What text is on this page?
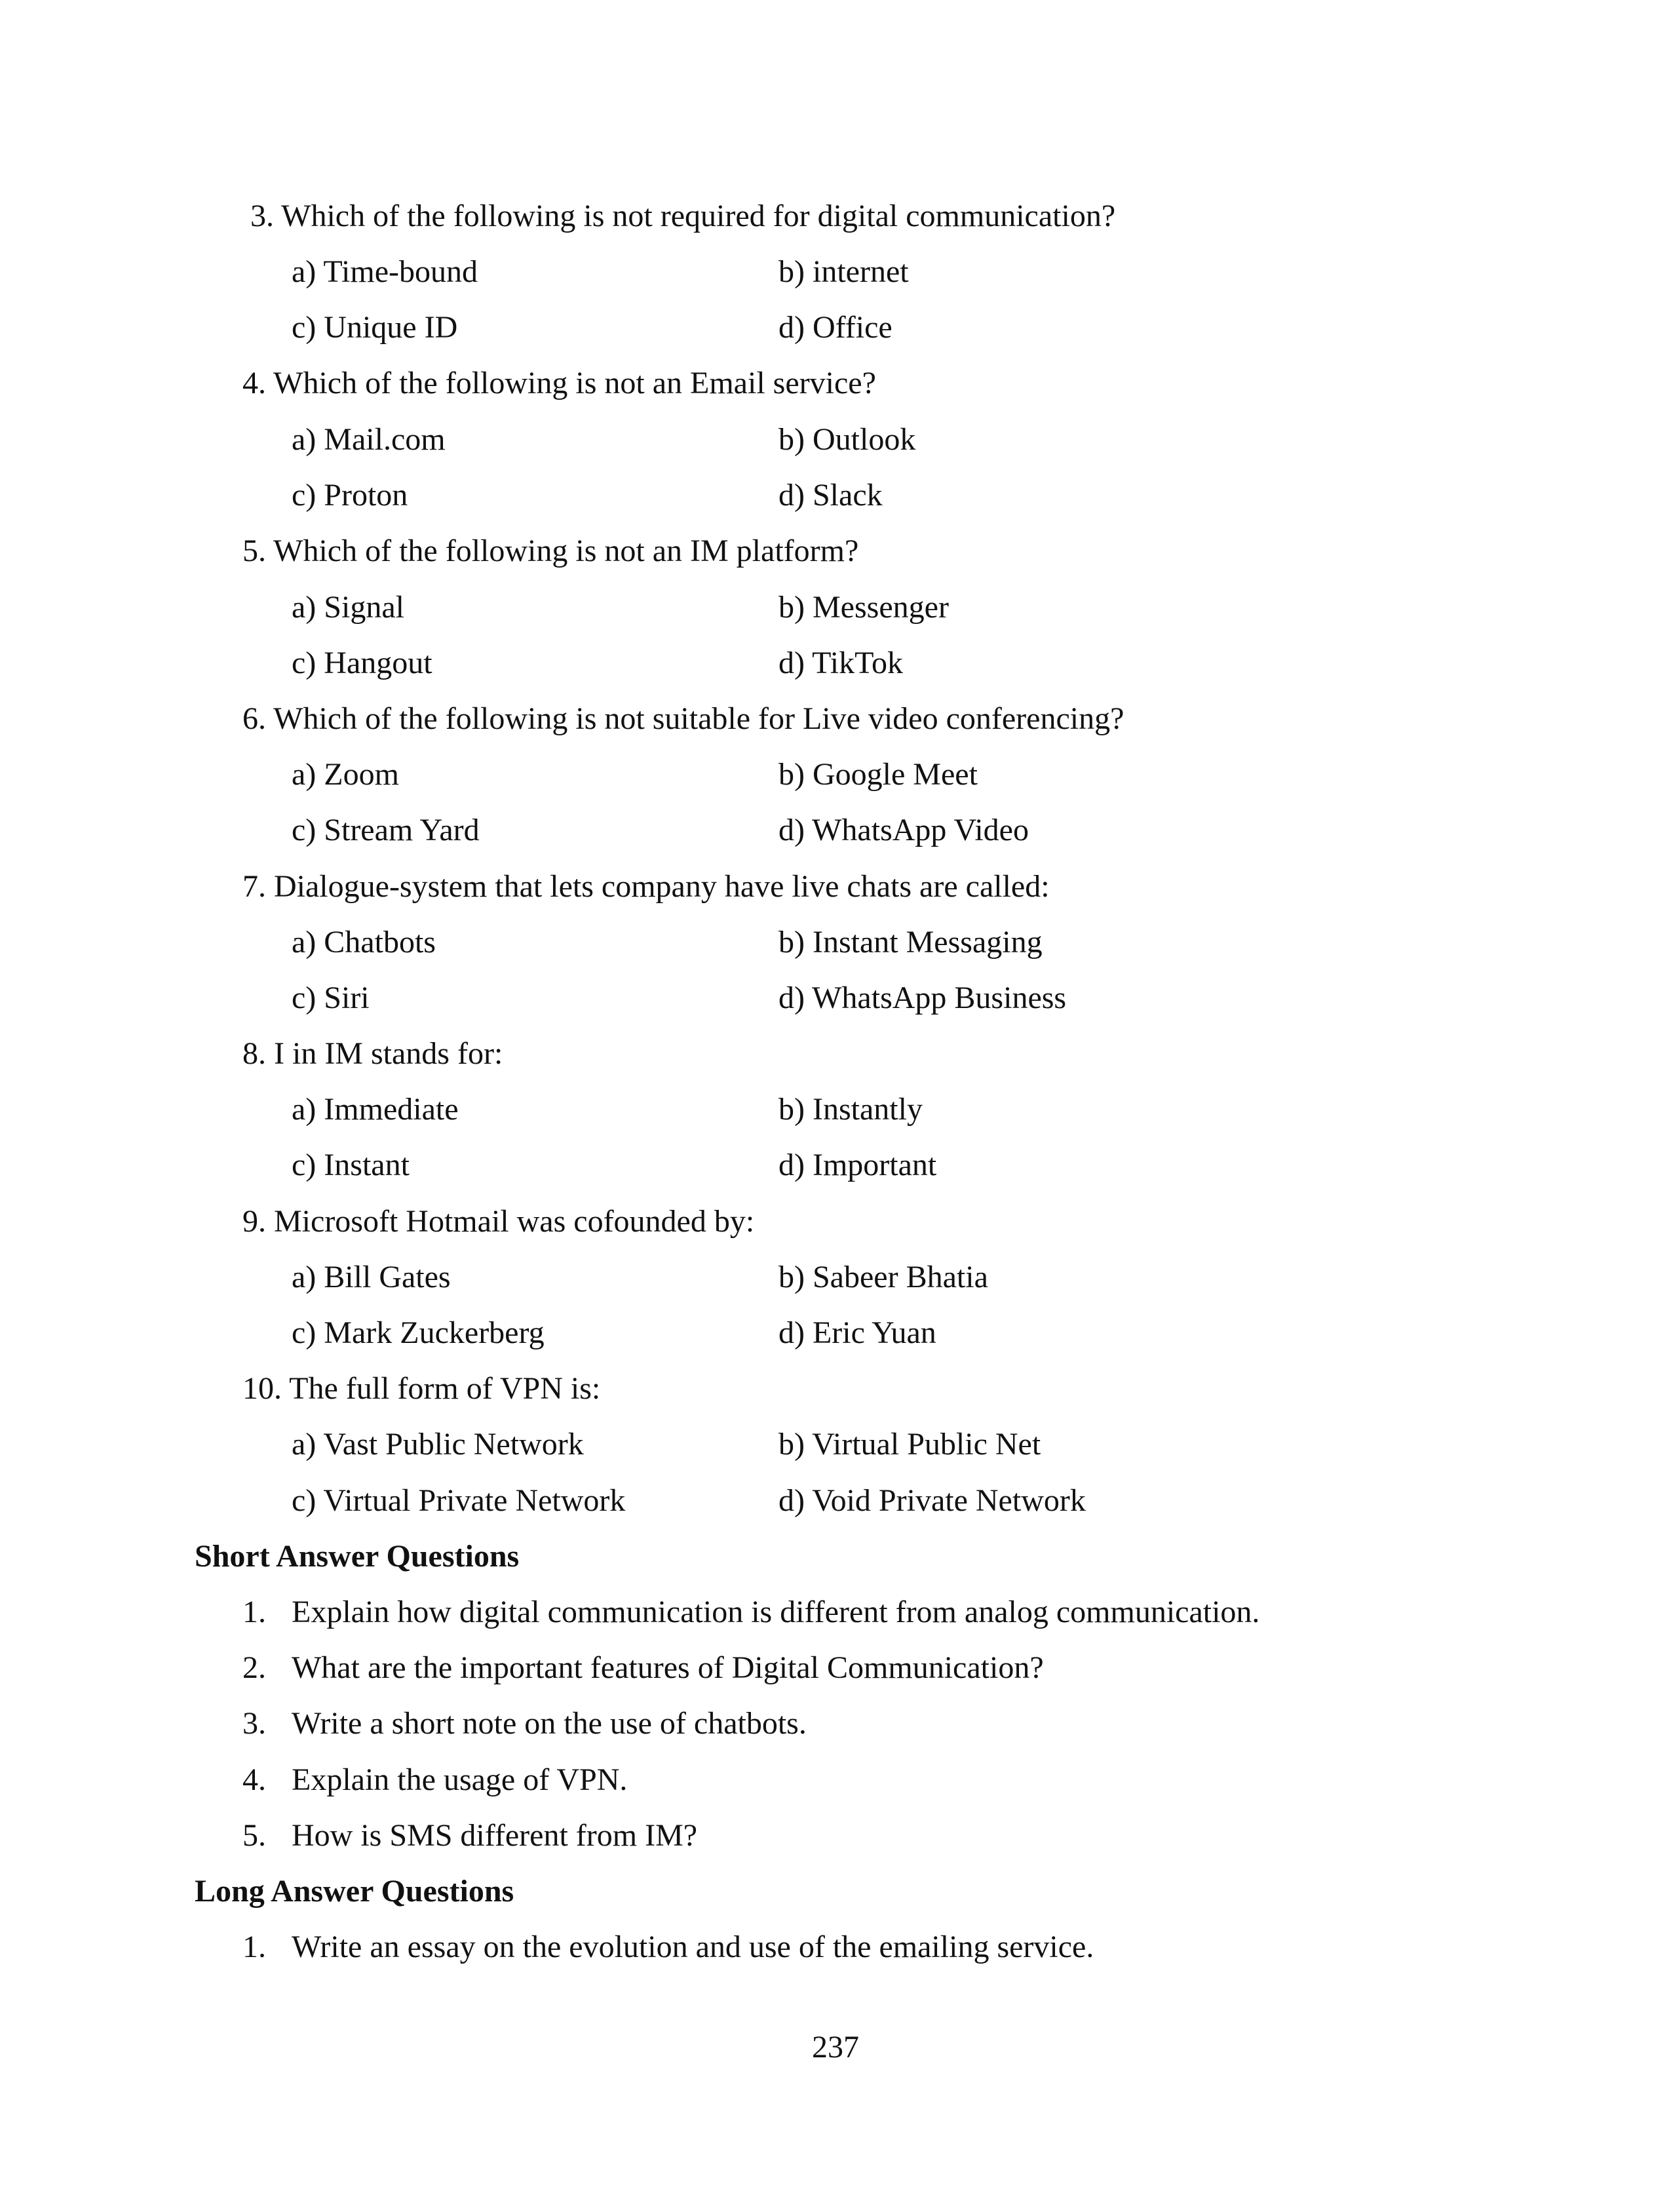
3. Which of the following is not required for digital communication?
a) Time-bound	b) internet
c) Unique ID	d) Office
4. Which of the following is not an Email service?
a) Mail.com	b) Outlook
c) Proton	d) Slack
5. Which of the following is not an IM platform?
a) Signal	b) Messenger
c) Hangout	d) TikTok
6. Which of the following is not suitable for Live video conferencing?
a) Zoom	b) Google Meet
c) Stream Yard	d) WhatsApp Video
7. Dialogue-system that lets company have live chats are called:
a) Chatbots	b) Instant Messaging
c) Siri	d) WhatsApp Business
8. I in IM stands for:
a) Immediate	b) Instantly
c) Instant	d) Important
9. Microsoft Hotmail was cofounded by:
a) Bill Gates	b) Sabeer Bhatia
c) Mark Zuckerberg	d) Eric Yuan
10. The full form of VPN is:
a) Vast Public Network	b) Virtual Public Net
c) Virtual Private Network	d) Void Private Network
Short Answer Questions
1. Explain how digital communication is different from analog communication.
2. What are the important features of Digital Communication?
3. Write a short note on the use of chatbots.
4. Explain the usage of VPN.
5. How is SMS different from IM?
Long Answer Questions
1. Write an essay on the evolution and use of the emailing service.
237
